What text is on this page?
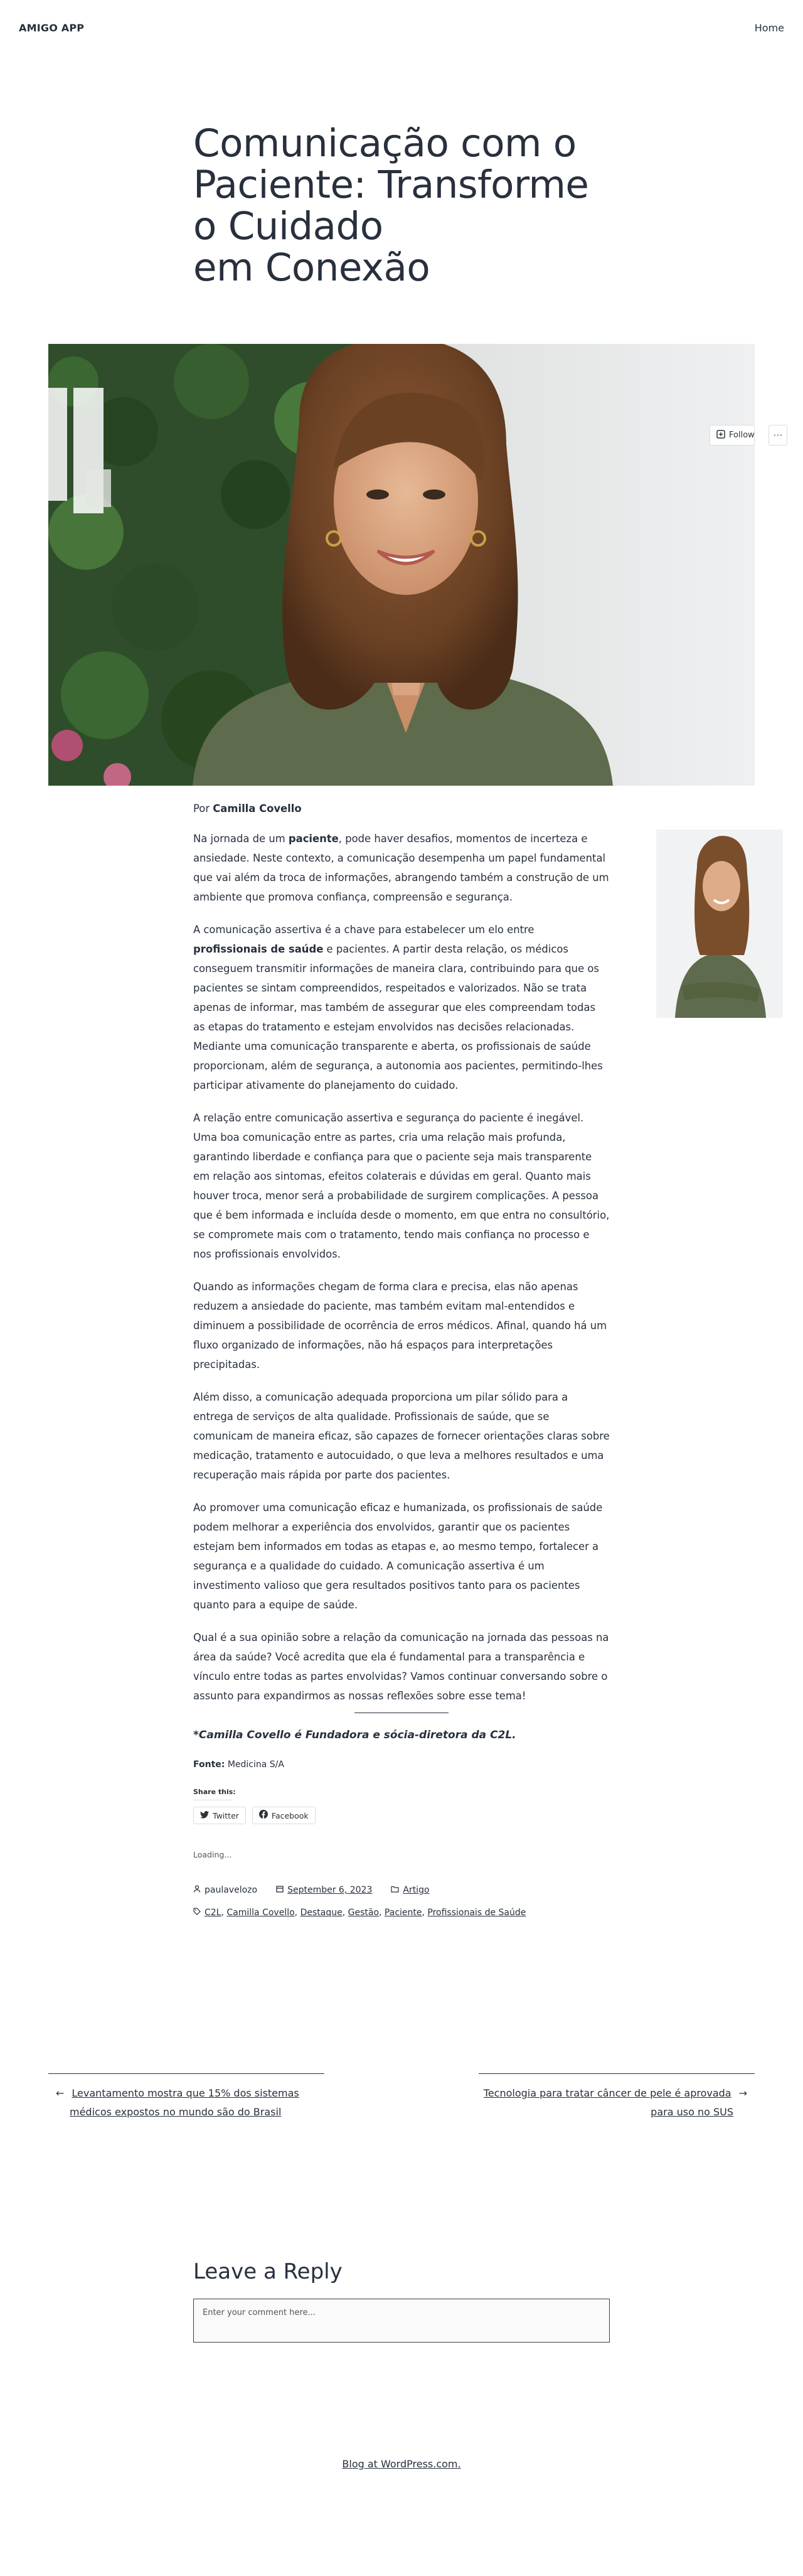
AMIGO APP	Home
Comunicação com o
Paciente: Transforme
o Cuidado
em Conexão
Follow	···

Por Camilla Covello

Na jornada de um paciente, pode haver desafios, momentos de incerteza e ansiedade. Neste contexto, a comunicação desempenha um papel fundamental que vai além da troca de informações, abrangendo também a construção de um ambiente que promova confiança, compreensão e segurança.

A comunicação assertiva é a chave para estabelecer um elo entre profissionais de saúde e pacientes. A partir desta relação, os médicos conseguem transmitir informações de maneira clara, contribuindo para que os pacientes se sintam compreendidos, respeitados e valorizados. Não se trata apenas de informar, mas também de assegurar que eles compreendam todas as etapas do tratamento e estejam envolvidos nas decisões relacionadas. Mediante uma comunicação transparente e aberta, os profissionais de saúde proporcionam, além de segurança, a autonomia aos pacientes, permitindo-lhes participar ativamente do planejamento do cuidado.

A relação entre comunicação assertiva e segurança do paciente é inegável. Uma boa comunicação entre as partes, cria uma relação mais profunda, garantindo liberdade e confiança para que o paciente seja mais transparente em relação aos sintomas, efeitos colaterais e dúvidas em geral. Quanto mais houver troca, menor será a probabilidade de surgirem complicações. A pessoa que é bem informada e incluída desde o momento, em que entra no consultório, se compromete mais com o tratamento, tendo mais confiança no processo e nos profissionais envolvidos.

Quando as informações chegam de forma clara e precisa, elas não apenas reduzem a ansiedade do paciente, mas também evitam mal-entendidos e diminuem a possibilidade de ocorrência de erros médicos. Afinal, quando há um fluxo organizado de informações, não há espaços para interpretações precipitadas.

Além disso, a comunicação adequada proporciona um pilar sólido para a entrega de serviços de alta qualidade. Profissionais de saúde, que se comunicam de maneira eficaz, são capazes de fornecer orientações claras sobre medicação, tratamento e autocuidado, o que leva a melhores resultados e uma recuperação mais rápida por parte dos pacientes.

Ao promover uma comunicação eficaz e humanizada, os profissionais de saúde podem melhorar a experiência dos envolvidos, garantir que os pacientes estejam bem informados em todas as etapas e, ao mesmo tempo, fortalecer a segurança e a qualidade do cuidado. A comunicação assertiva é um investimento valioso que gera resultados positivos tanto para os pacientes quanto para a equipe de saúde.

Qual é a sua opinião sobre a relação da comunicação na jornada das pessoas na área da saúde? Você acredita que ela é fundamental para a transparência e vínculo entre todas as partes envolvidas? Vamos continuar conversando sobre o assunto para expandirmos as nossas reflexões sobre esse tema!

*Camilla Covello é Fundadora e sócia-diretora da C2L.

Fonte: Medicina S/A

Share this:
Twitter	Facebook
Loading...
paulavelozo	September 6, 2023	Artigo
C2L, Camilla Covello, Destaque, Gestão, Paciente, Profissionais de Saúde
← Levantamento mostra que 15% dos sistemas
médicos expostos no mundo são do Brasil
Tecnologia para tratar câncer de pele é aprovada →
para uso no SUS
Leave a Reply
Enter your comment here...
Blog at WordPress.com.
